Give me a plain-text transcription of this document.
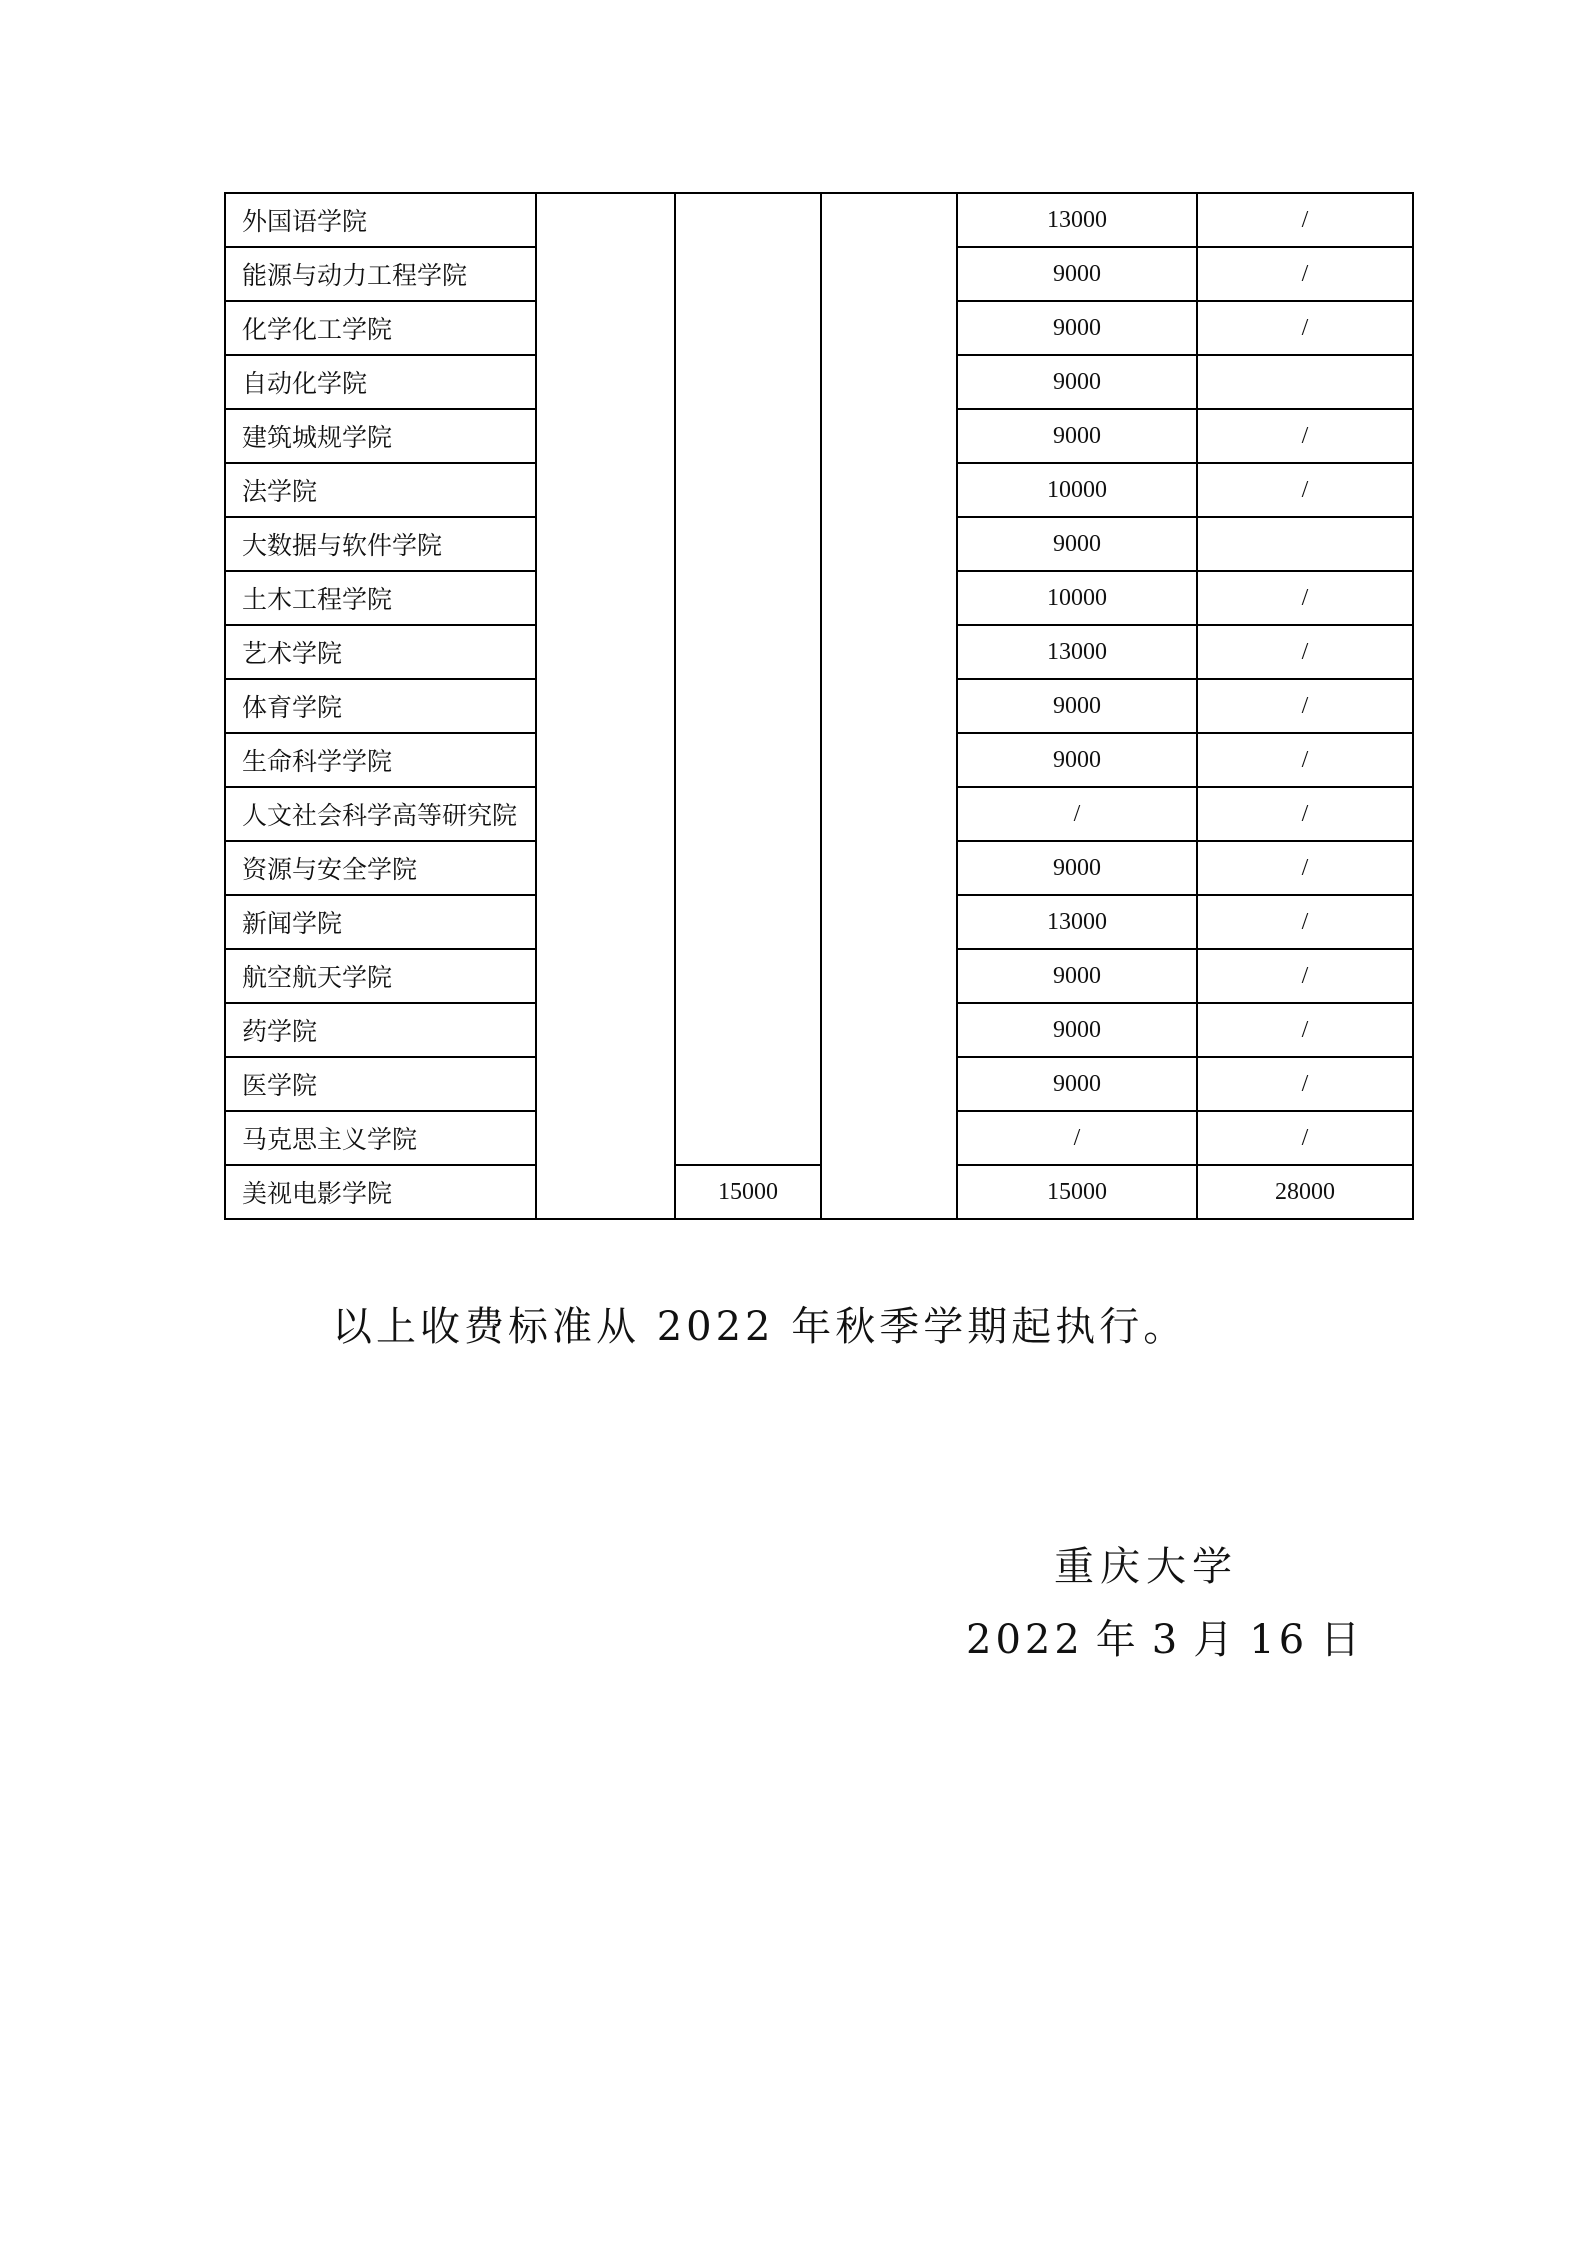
外国语学院				13000	/
能源与动力工程学院				9000	/
化学化工学院				9000	/
自动化学院				9000	
建筑城规学院				9000	/
法学院				10000	/
大数据与软件学院				9000	
土木工程学院				10000	/
艺术学院				13000	/
体育学院				9000	/
生命科学学院				9000	/
人文社会科学高等研究院				/	/
资源与安全学院				9000	/
新闻学院				13000	/
航空航天学院				9000	/
药学院				9000	/
医学院				9000	/
马克思主义学院				/	/
美视电影学院		15000		15000	28000
以上收费标准从 2022 年秋季学期起执行。
重庆大学
2022 年 3 月 16 日
